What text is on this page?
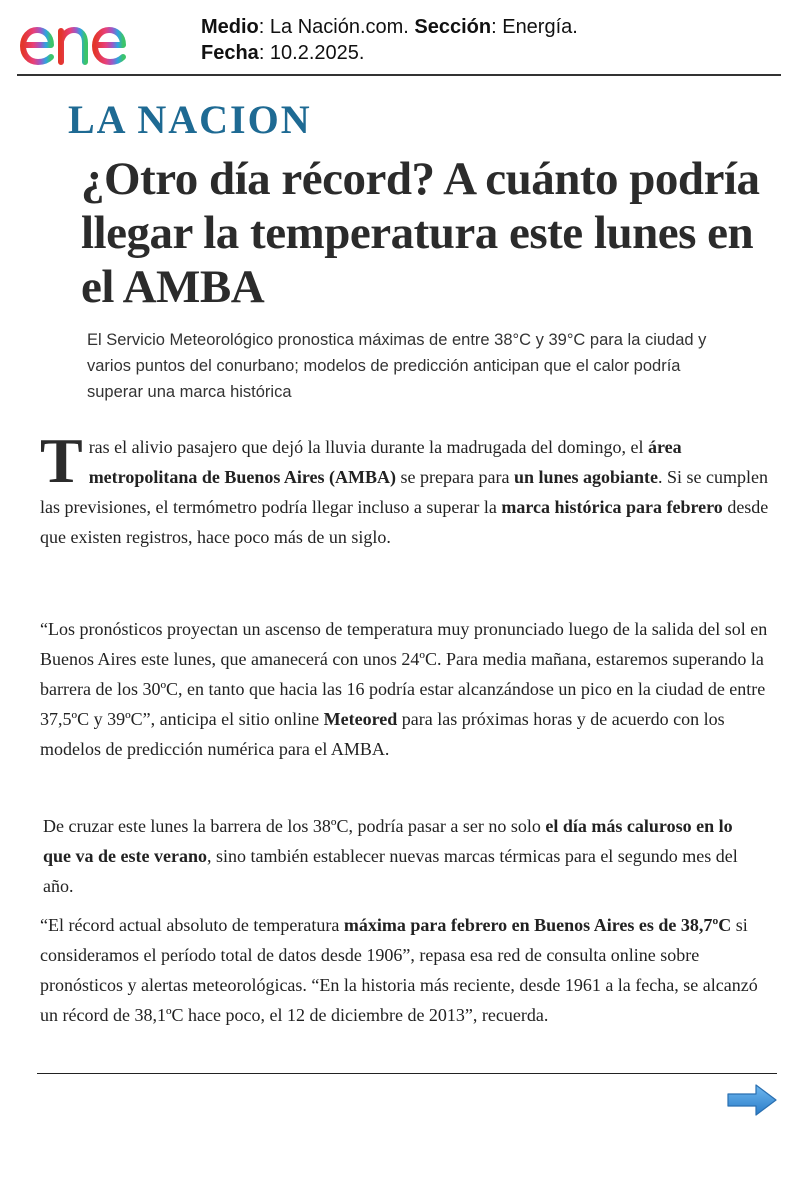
Medio: La Nación.com. Sección: Energía.
Fecha: 10.2.2025.
LA NACION
¿Otro día récord? A cuánto podría llegar la temperatura este lunes en el AMBA

El Servicio Meteorológico pronostica máximas de entre 38°C y 39°C para la ciudad y varios puntos del conurbano; modelos de predicción anticipan que el calor podría superar una marca histórica

Tras el alivio pasajero que dejó la lluvia durante la madrugada del domingo, el área metropolitana de Buenos Aires (AMBA) se prepara para un lunes agobiante. Si se cumplen las previsiones, el termómetro podría llegar incluso a superar la marca histórica para febrero desde que existen registros, hace poco más de un siglo.

“Los pronósticos proyectan un ascenso de temperatura muy pronunciado luego de la salida del sol en Buenos Aires este lunes, que amanecerá con unos 24ºC. Para media mañana, estaremos superando la barrera de los 30ºC, en tanto que hacia las 16 podría estar alcanzándose un pico en la ciudad de entre 37,5ºC y 39ºC”, anticipa el sitio online Meteored para las próximas horas y de acuerdo con los modelos de predicción numérica para el AMBA.

De cruzar este lunes la barrera de los 38ºC, podría pasar a ser no solo el día más caluroso en lo que va de este verano, sino también establecer nuevas marcas térmicas para el segundo mes del año.

“El récord actual absoluto de temperatura máxima para febrero en Buenos Aires es de 38,7ºC si consideramos el período total de datos desde 1906”, repasa esa red de consulta online sobre pronósticos y alertas meteorológicas. “En la historia más reciente, desde 1961 a la fecha, se alcanzó un récord de 38,1ºC hace poco, el 12 de diciembre de 2013”, recuerda.
